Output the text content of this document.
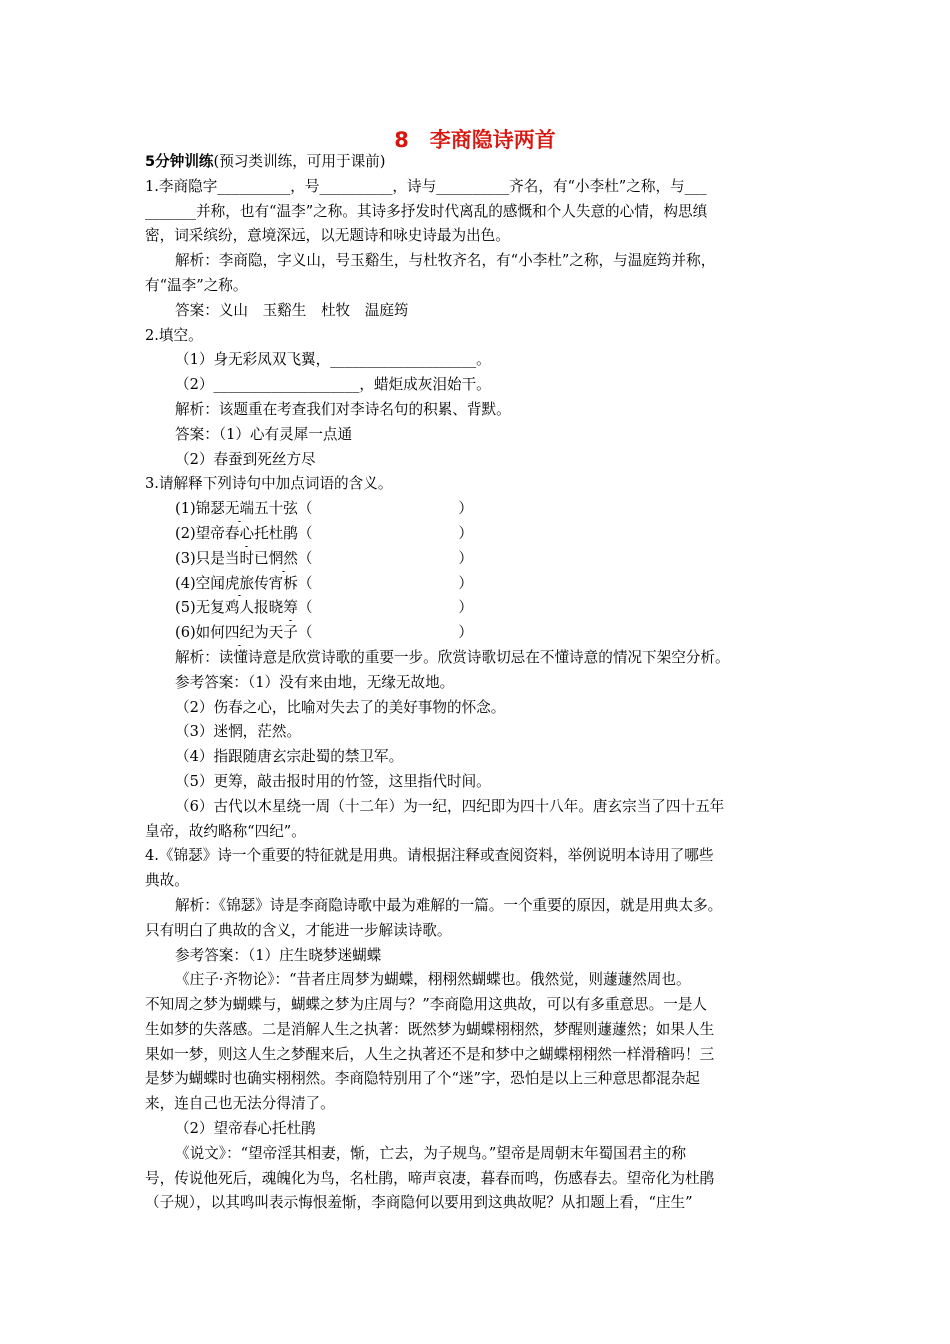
8　李商隐诗两首
5分钟训练(预习类训练，可用于课前)
1.李商隐字__________，号__________，诗与__________齐名，有“小李杜”之称，与___
_______并称，也有“温李”之称。其诗多抒发时代离乱的感慨和个人失意的心情，构思缜
密，词采缤纷，意境深远，以无题诗和咏史诗最为出色。
解析：李商隐，字义山，号玉谿生，与杜牧齐名，有“小李杜”之称，与温庭筠并称，
有“温李”之称。
答案：义山　玉谿生　杜牧　温庭筠
2.填空。
（1）身无彩凤双飞翼，____________________。
（2）____________________，蜡炬成灰泪始干。
解析：该题重在考查我们对李诗名句的积累、背默。
答案：（1）心有灵犀一点通
（2）春蚕到死丝方尽
3.请解释下列诗句中加点词语的含义。
(1)锦瑟无端五十弦（　　　　　　　　　　）
(2)望帝春心托杜鹃（　　　　　　　　　　）
(3)只是当时已惘然（　　　　　　　　　　）
(4)空闻虎旅传宵柝（　　　　　　　　　　）
(5)无复鸡人报晓筹（　　　　　　　　　　）
(6)如何四纪为天子（　　　　　　　　　　）
解析：读懂诗意是欣赏诗歌的重要一步。欣赏诗歌切忌在不懂诗意的情况下架空分析。
参考答案：（1）没有来由地，无缘无故地。
（2）伤春之心，比喻对失去了的美好事物的怀念。
（3）迷惘，茫然。
（4）指跟随唐玄宗赴蜀的禁卫军。
（5）更筹，敲击报时用的竹签，这里指代时间。
（6）古代以木星绕一周（十二年）为一纪，四纪即为四十八年。唐玄宗当了四十五年
皇帝，故约略称“四纪”。
4.《锦瑟》诗一个重要的特征就是用典。请根据注释或查阅资料，举例说明本诗用了哪些
典故。
解析：《锦瑟》诗是李商隐诗歌中最为难解的一篇。一个重要的原因，就是用典太多。
只有明白了典故的含义，才能进一步解读诗歌。
参考答案：（1）庄生晓梦迷蝴蝶
《庄子·齐物论》：“昔者庄周梦为蝴蝶，栩栩然蝴蝶也。俄然觉，则蘧蘧然周也。
不知周之梦为蝴蝶与，蝴蝶之梦为庄周与？”李商隐用这典故，可以有多重意思。一是人
生如梦的失落感。二是消解人生之执著：既然梦为蝴蝶栩栩然，梦醒则蘧蘧然；如果人生
果如一梦，则这人生之梦醒来后，人生之执著还不是和梦中之蝴蝶栩栩然一样滑稽吗！三
是梦为蝴蝶时也确实栩栩然。李商隐特别用了个“迷”字，恐怕是以上三种意思都混杂起
来，连自己也无法分得清了。
（2）望帝春心托杜鹃
《说文》：“望帝淫其相妻，惭，亡去，为子规鸟。”望帝是周朝末年蜀国君主的称
号，传说他死后，魂魄化为鸟，名杜鹃，啼声哀凄，暮春而鸣，伤感春去。望帝化为杜鹃
（子规），以其鸣叫表示悔恨羞惭，李商隐何以要用到这典故呢？从扣题上看，“庄生”
